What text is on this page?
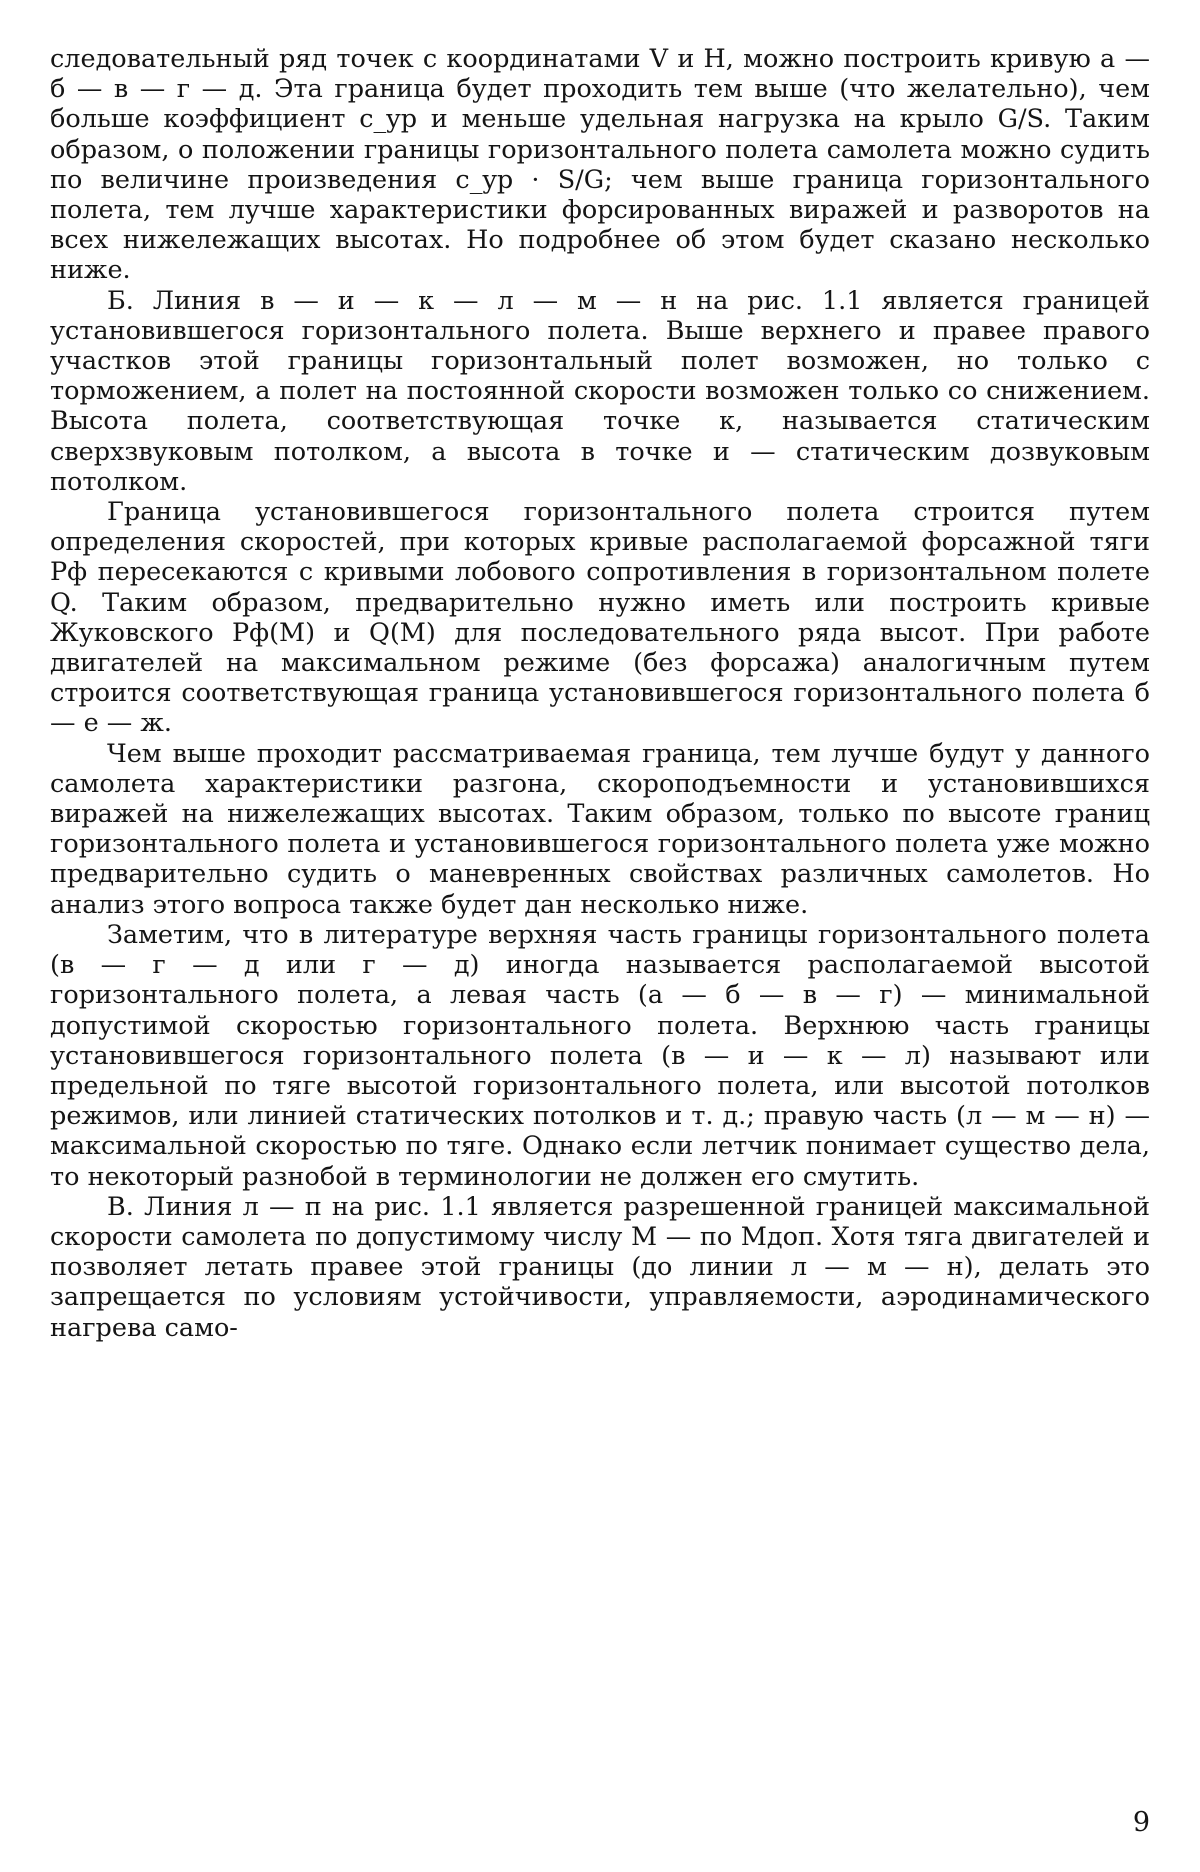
следовательный ряд точек с координатами V и H, можно построить кривую а — б — в — г — д. Эта граница будет проходить тем выше (что желательно), чем больше коэффициент c_yр и меньше удельная нагрузка на крыло G/S. Таким образом, о положении границы горизонтального полета самолета можно судить по величине произведения c_yр · S/G; чем выше граница горизонтального полета, тем лучше характеристики форсированных виражей и разворотов на всех нижележащих высотах. Но подробнее об этом будет сказано несколько ниже.

Б. Линия в — и — к — л — м — н на рис. 1.1 является границей установившегося горизонтального полета. Выше верхнего и правее правого участков этой границы горизонтальный полет возможен, но только с торможением, а полет на постоянной скорости возможен только со снижением. Высота полета, соответствующая точке к, называется статическим сверхзвуковым потолком, а высота в точке и — статическим дозвуковым потолком.

Граница установившегося горизонтального полета строится путем определения скоростей, при которых кривые располагаемой форсажной тяги Pф пересекаются с кривыми лобового сопротивления в горизонтальном полете Q. Таким образом, предварительно нужно иметь или построить кривые Жуковского Pф(M) и Q(M) для последовательного ряда высот. При работе двигателей на максимальном режиме (без форсажа) аналогичным путем строится соответствующая граница установившегося горизонтального полета б — е — ж.

Чем выше проходит рассматриваемая граница, тем лучше будут у данного самолета характеристики разгона, скороподъемности и установившихся виражей на нижележащих высотах. Таким образом, только по высоте границ горизонтального полета и установившегося горизонтального полета уже можно предварительно судить о маневренных свойствах различных самолетов. Но анализ этого вопроса также будет дан несколько ниже.

Заметим, что в литературе верхняя часть границы горизонтального полета (в — г — д или г — д) иногда называется располагаемой высотой горизонтального полета, а левая часть (а — б — в — г) — минимальной допустимой скоростью горизонтального полета. Верхнюю часть границы установившегося горизонтального полета (в — и — к — л) называют или предельной по тяге высотой горизонтального полета, или высотой потолков режимов, или линией статических потолков и т. д.; правую часть (л — м — н) — максимальной скоростью по тяге. Однако если летчик понимает существо дела, то некоторый разнобой в терминологии не должен его смутить.

В. Линия л — п на рис. 1.1 является разрешенной границей максимальной скорости самолета по допустимому числу M — по Mдоп. Хотя тяга двигателей и позволяет летать правее этой границы (до линии л — м — н), делать это запрещается по условиям устойчивости, управляемости, аэродинамического нагрева само-

9
